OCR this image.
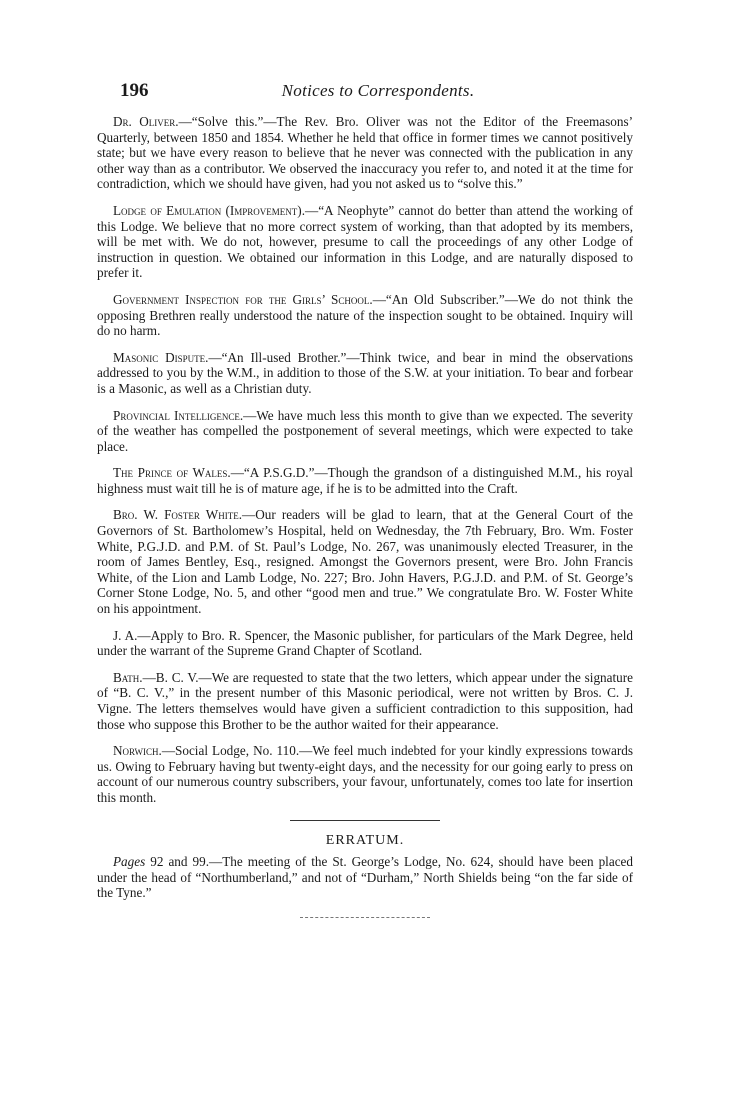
196	Notices to Correspondents.

Dr. Oliver.—“Solve this.”—The Rev. Bro. Oliver was not the Editor of the Freemasons’ Quarterly, between 1850 and 1854. Whether he held that office in former times we cannot positively state; but we have every reason to believe that he never was connected with the publication in any other way than as a contributor. We observed the inaccuracy you refer to, and noted it at the time for contradiction, which we should have given, had you not asked us to “solve this.”

Lodge of Emulation (Improvement).—“A Neophyte” cannot do better than attend the working of this Lodge. We believe that no more correct system of working, than that adopted by its members, will be met with. We do not, however, presume to call the proceedings of any other Lodge of instruction in question. We obtained our information in this Lodge, and are naturally disposed to prefer it.

Government Inspection for the Girls’ School.—“An Old Subscriber.”—We do not think the opposing Brethren really understood the nature of the inspection sought to be obtained. Inquiry will do no harm.

Masonic Dispute.—“An Ill-used Brother.”—Think twice, and bear in mind the observations addressed to you by the W.M., in addition to those of the S.W. at your initiation. To bear and forbear is a Masonic, as well as a Christian duty.

Provincial Intelligence.—We have much less this month to give than we expected. The severity of the weather has compelled the postponement of several meetings, which were expected to take place.

The Prince of Wales.—“A P.S.G.D.”—Though the grandson of a distinguished M.M., his royal highness must wait till he is of mature age, if he is to be admitted into the Craft.

Bro. W. Foster White.—Our readers will be glad to learn, that at the General Court of the Governors of St. Bartholomew’s Hospital, held on Wednesday, the 7th February, Bro. Wm. Foster White, P.G.J.D. and P.M. of St. Paul’s Lodge, No. 267, was unanimously elected Treasurer, in the room of James Bentley, Esq., resigned. Amongst the Governors present, were Bro. John Francis White, of the Lion and Lamb Lodge, No. 227; Bro. John Havers, P.G.J.D. and P.M. of St. George’s Corner Stone Lodge, No. 5, and other “good men and true.” We congratulate Bro. W. Foster White on his appointment.

J. A.—Apply to Bro. R. Spencer, the Masonic publisher, for particulars of the Mark Degree, held under the warrant of the Supreme Grand Chapter of Scotland.

Bath.—B. C. V.—We are requested to state that the two letters, which appear under the signature of “B. C. V.,” in the present number of this Masonic periodical, were not written by Bros. C. J. Vigne. The letters themselves would have given a sufficient contradiction to this supposition, had those who suppose this Brother to be the author waited for their appearance.

Norwich.—Social Lodge, No. 110.—We feel much indebted for your kindly expressions towards us. Owing to February having but twenty-eight days, and the necessity for our going early to press on account of our numerous country subscribers, your favour, unfortunately, comes too late for insertion this month.

ERRATUM.

Pages 92 and 99.—The meeting of the St. George’s Lodge, No. 624, should have been placed under the head of “Northumberland,” and not of “Durham,” North Shields being “on the far side of the Tyne.”
